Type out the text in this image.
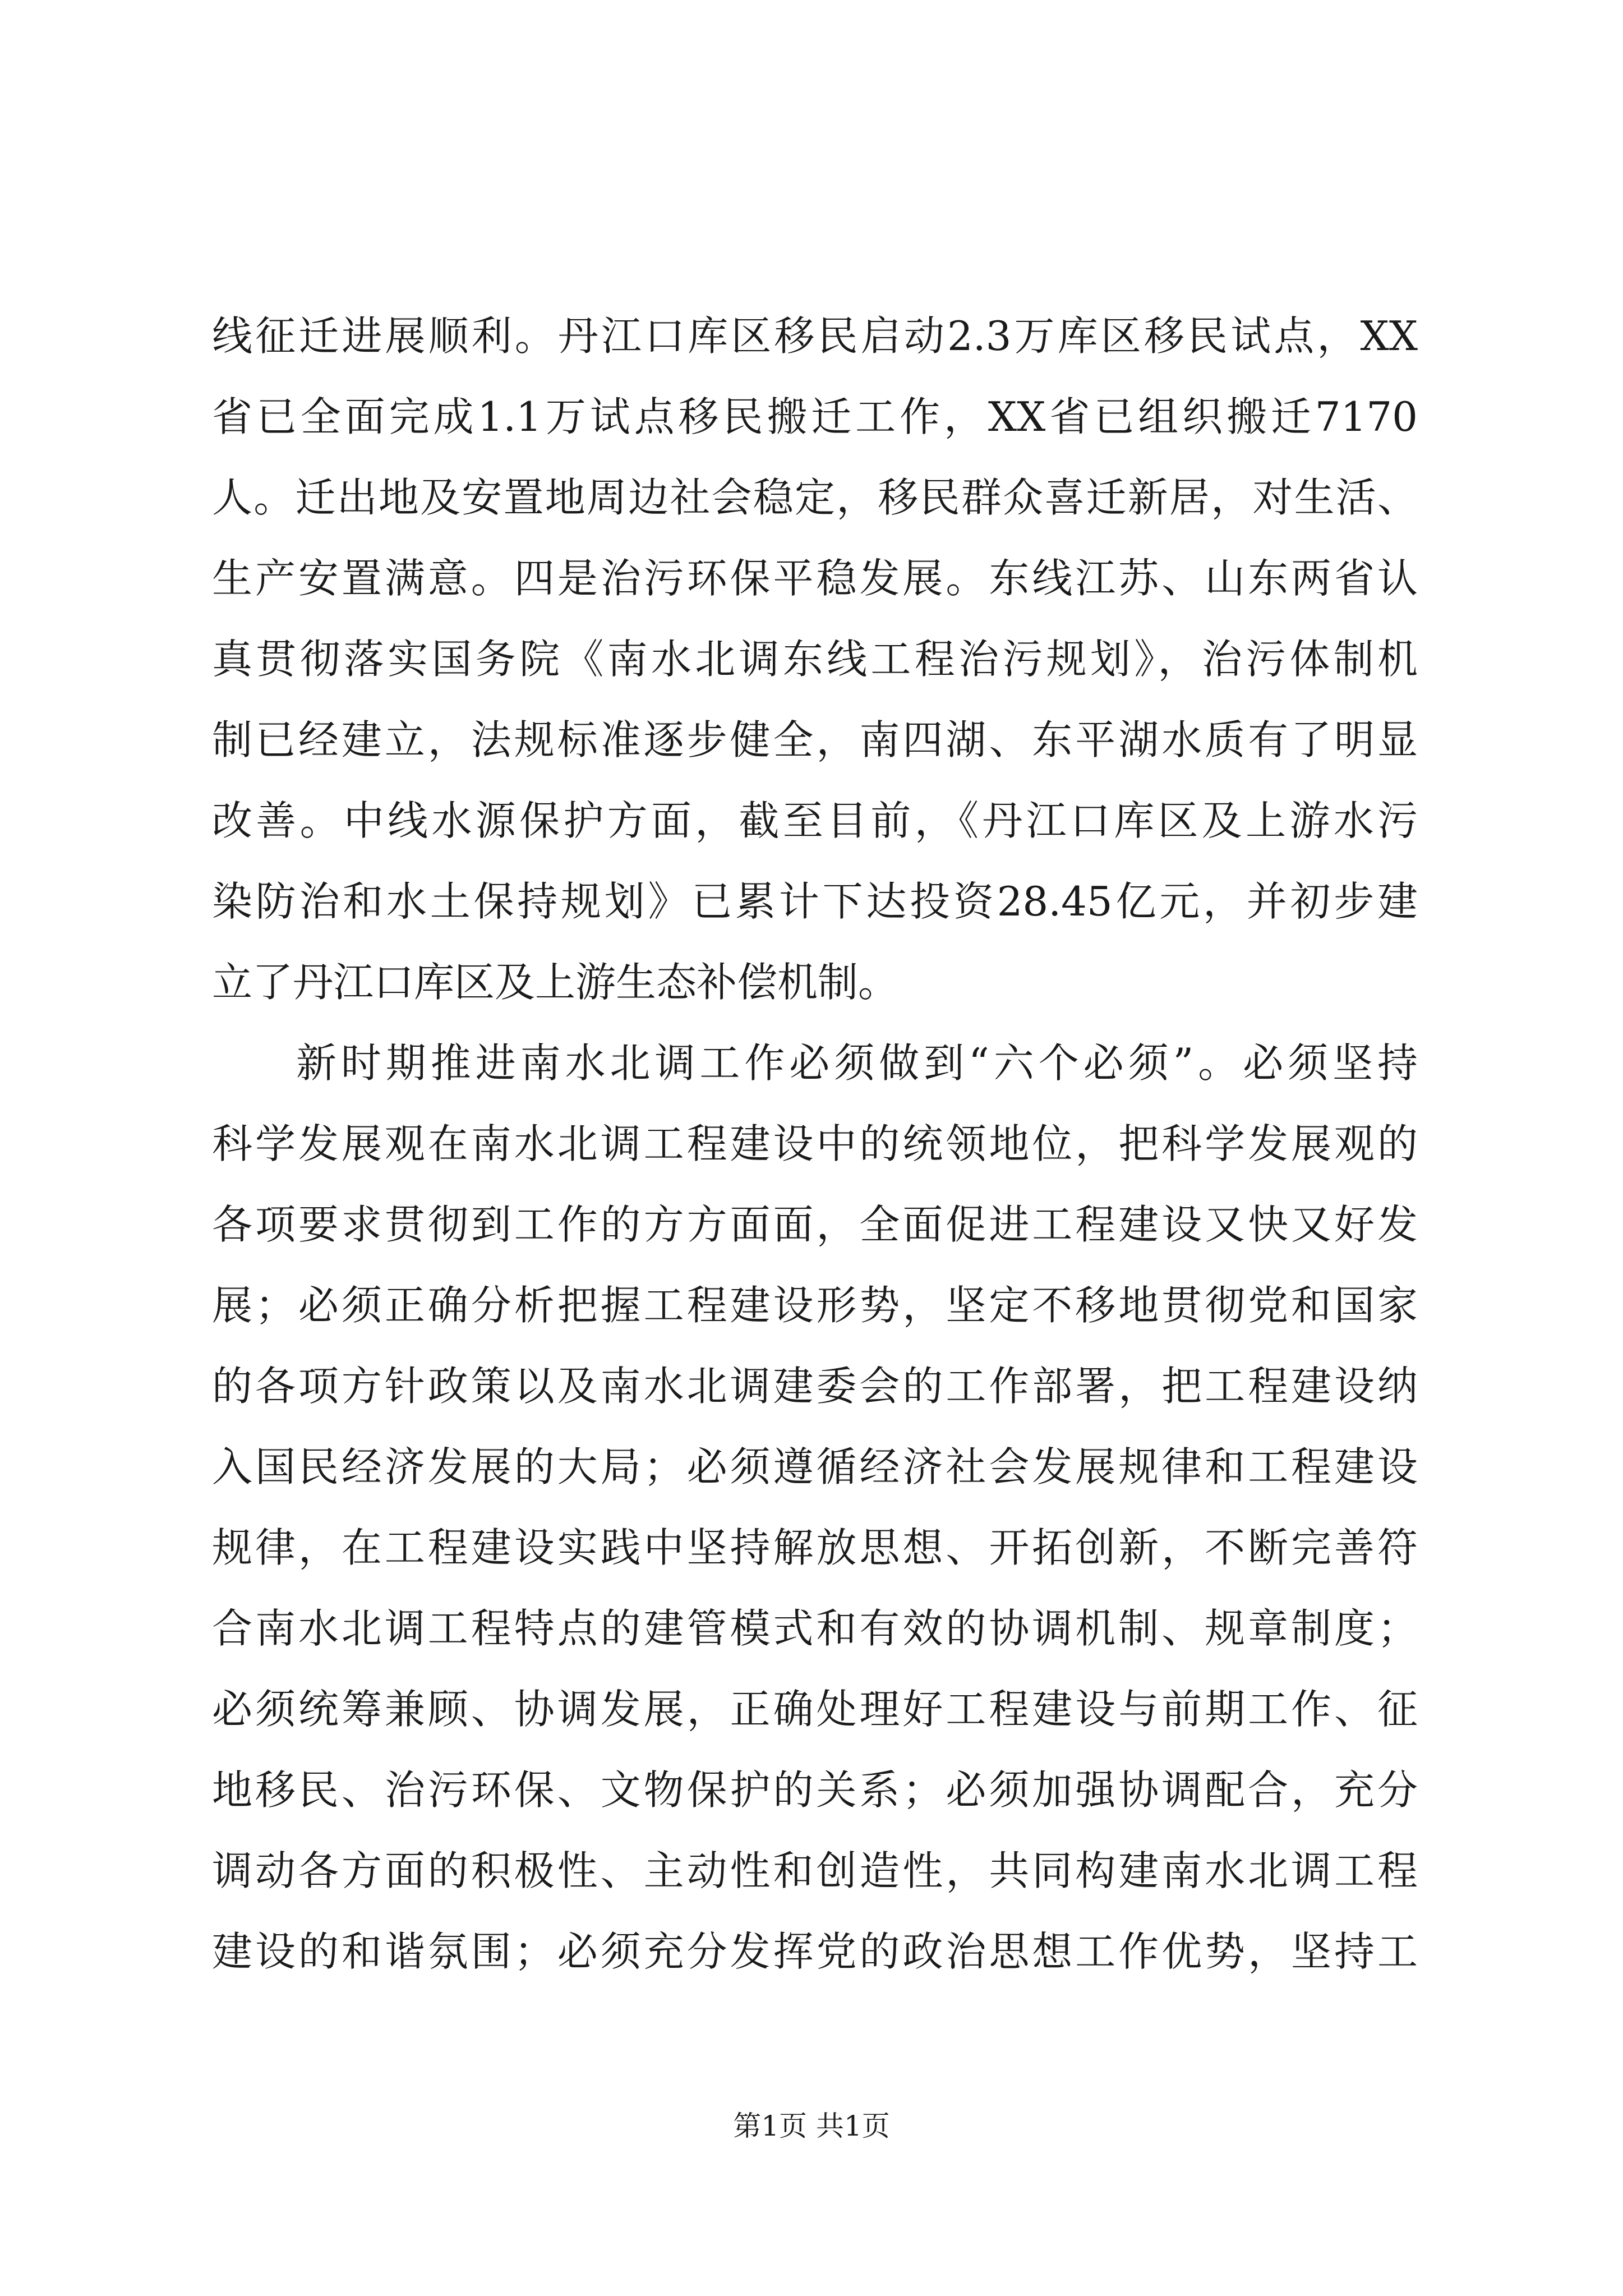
线征迁进展顺利。丹江口库区移民启动2.3万库区移民试点，XX
省已全面完成1.1万试点移民搬迁工作，XX省已组织搬迁7170
人。迁出地及安置地周边社会稳定，移民群众喜迁新居，对生活、
生产安置满意。四是治污环保平稳发展。东线江苏、山东两省认
真贯彻落实国务院《南水北调东线工程治污规划》，治污体制机
制已经建立，法规标准逐步健全，南四湖、东平湖水质有了明显
改善。中线水源保护方面，截至目前，《丹江口库区及上游水污
染防治和水土保持规划》已累计下达投资28.45亿元，并初步建
立了丹江口库区及上游生态补偿机制。
新时期推进南水北调工作必须做到“六个必须”。必须坚持
科学发展观在南水北调工程建设中的统领地位，把科学发展观的
各项要求贯彻到工作的方方面面，全面促进工程建设又快又好发
展；必须正确分析把握工程建设形势，坚定不移地贯彻党和国家
的各项方针政策以及南水北调建委会的工作部署，把工程建设纳
入国民经济发展的大局；必须遵循经济社会发展规律和工程建设
规律，在工程建设实践中坚持解放思想、开拓创新，不断完善符
合南水北调工程特点的建管模式和有效的协调机制、规章制度；
必须统筹兼顾、协调发展，正确处理好工程建设与前期工作、征
地移民、治污环保、文物保护的关系；必须加强协调配合，充分
调动各方面的积极性、主动性和创造性，共同构建南水北调工程
建设的和谐氛围；必须充分发挥党的政治思想工作优势，坚持工
第1页 共1页
